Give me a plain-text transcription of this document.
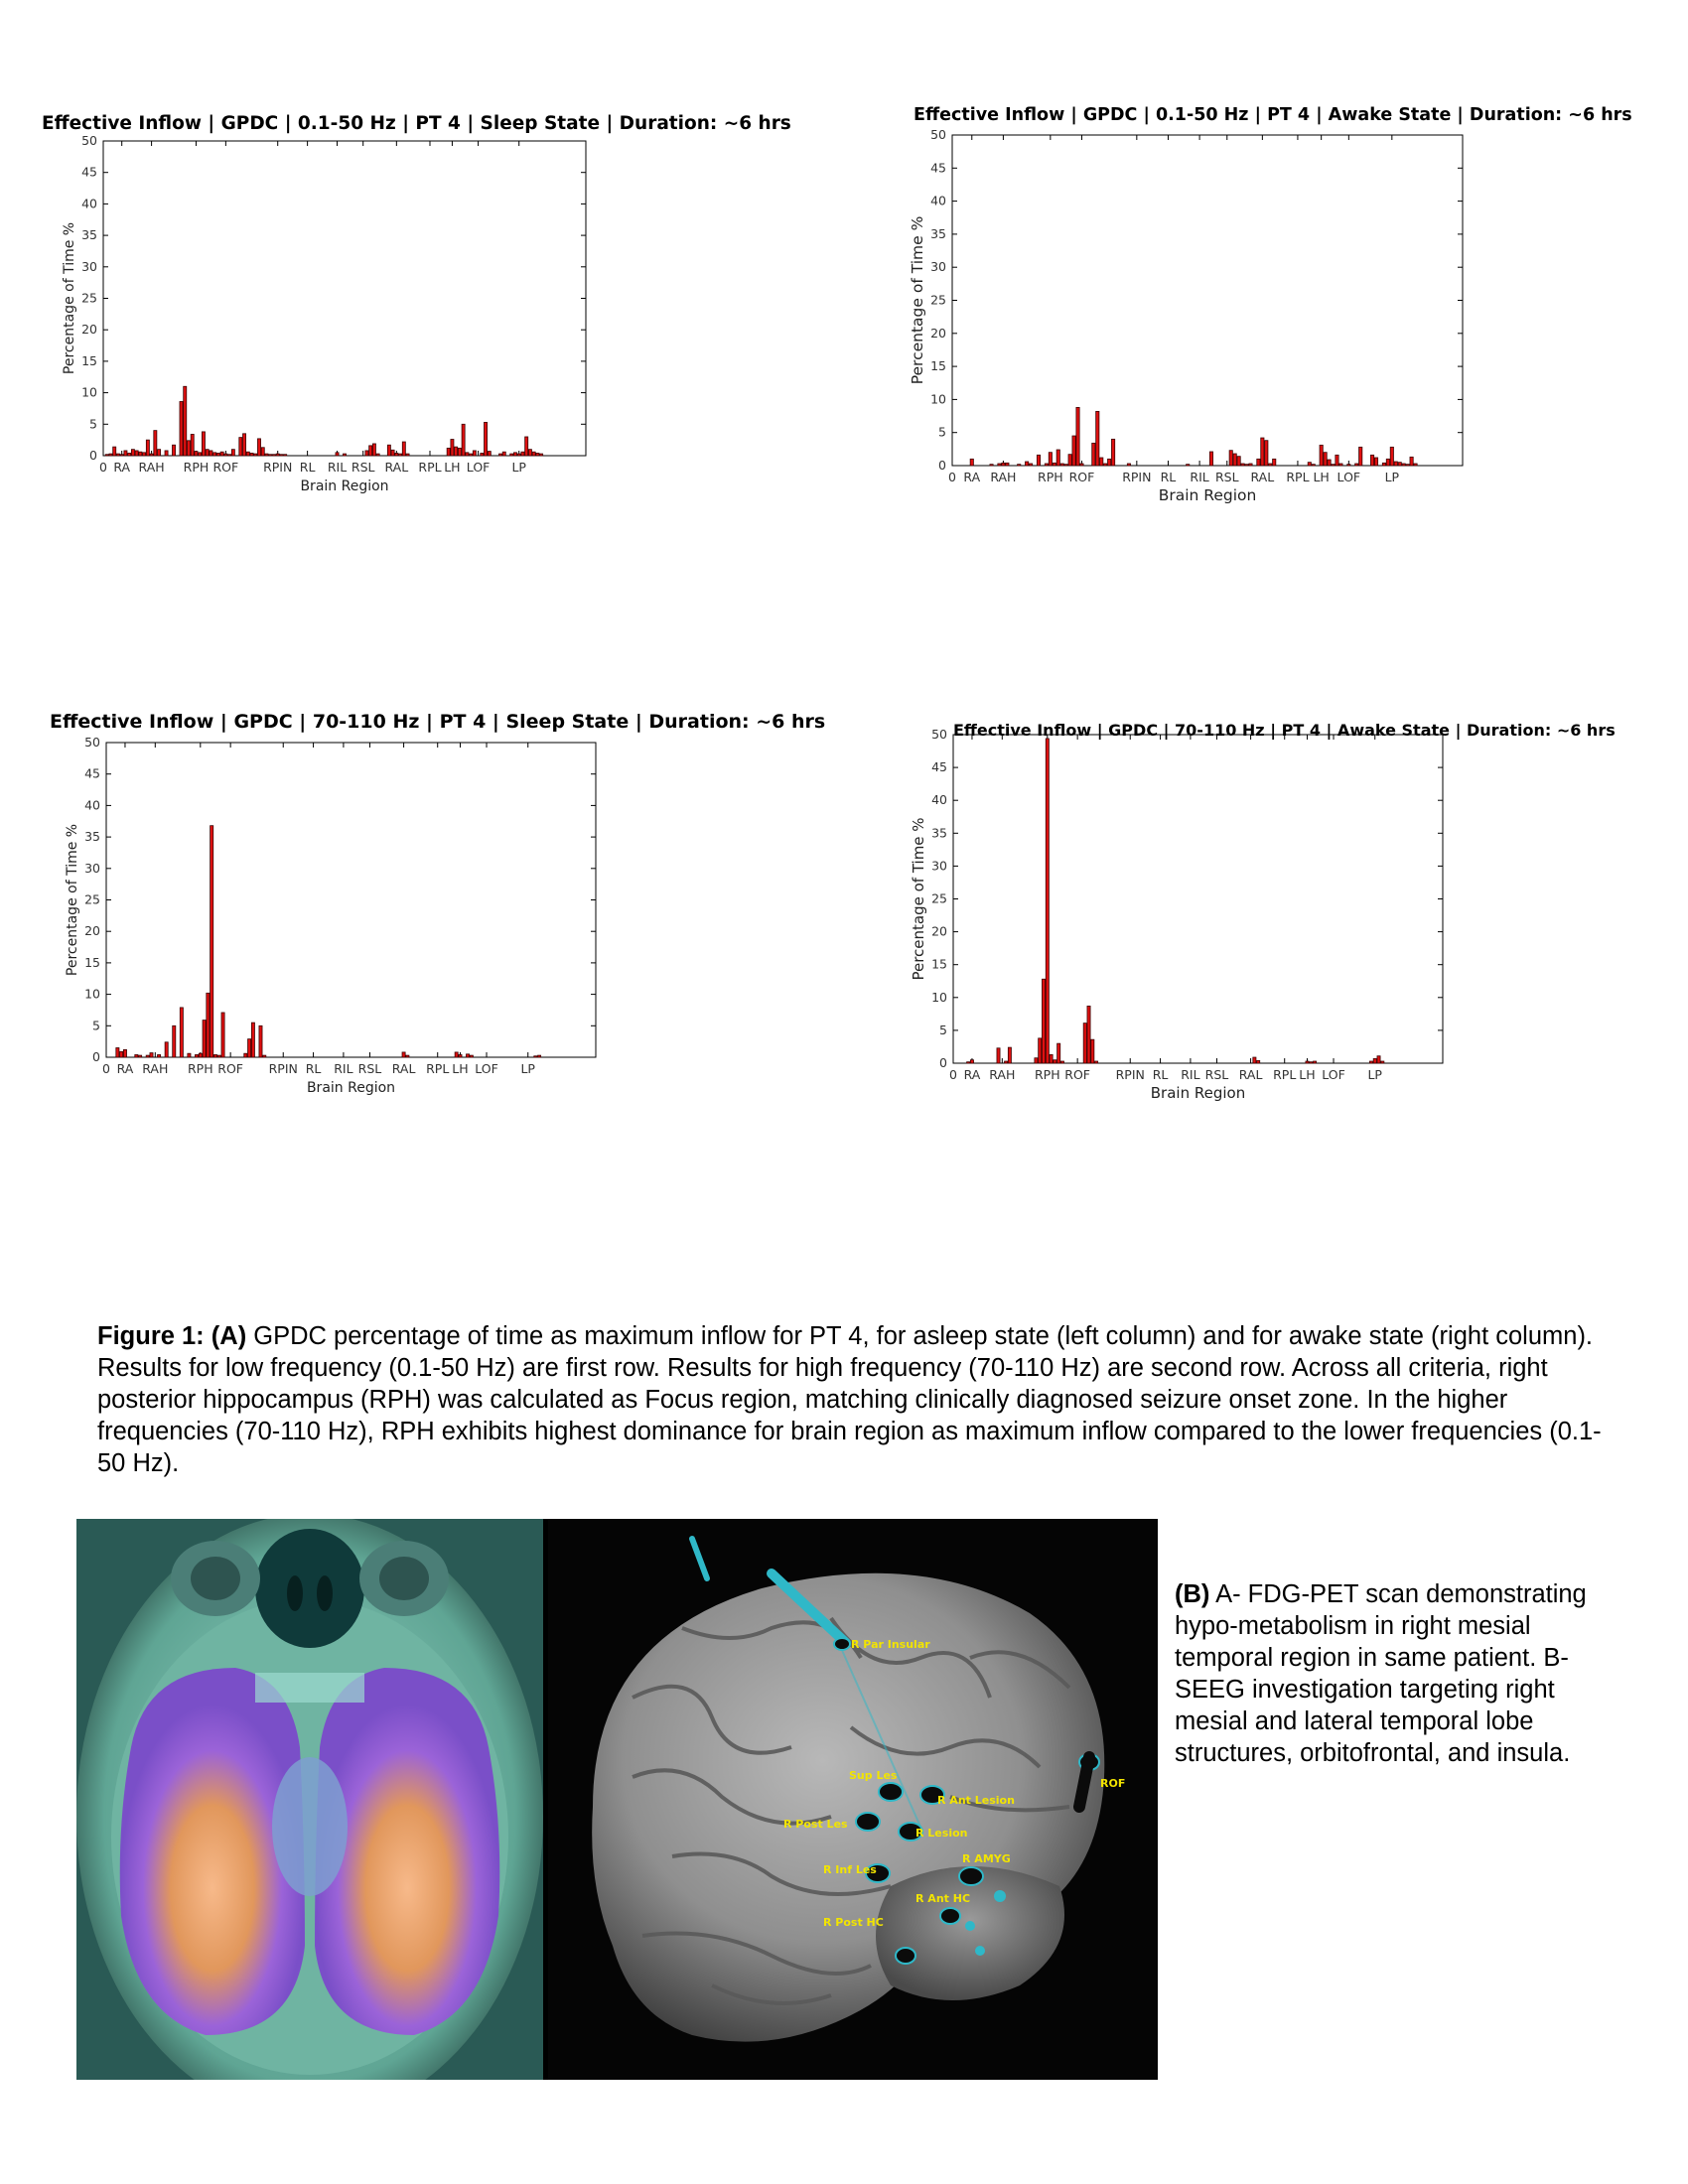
Effective Inflow | GPDC | 0.1-50 Hz | PT 4 | Sleep State | Duration: ~6 hrs
0
5
10
15
20
25
30
35
40
45
50
0 RA RAH RPH ROF RPIN RL RIL RSL RAL RPL LH LOF LP
Brain Region
Percentage of Time %
Effective Inflow | GPDC | 0.1-50 Hz | PT 4 | Awake State | Duration: ~6 hrs
0
5
10
15
20
25
30
35
40
45
50
0 RA RAH RPH ROF RPIN RL RIL RSL RAL RPL LH LOF LP
Brain Region
Percentage of Time %
Effective Inflow | GPDC | 70-110 Hz | PT 4 | Sleep State | Duration: ~6 hrs
0
5
10
15
20
25
30
35
40
45
50
0 RA RAH RPH ROF RPIN RL RIL RSL RAL RPL LH LOF LP
Brain Region
Percentage of Time %
Effective Inflow | GPDC | 70-110 Hz | PT 4 | Awake State | Duration: ~6 hrs
0
5
10
15
20
25
30
35
40
45
50
0 RA RAH RPH ROF RPIN RL RIL RSL RAL RPL LH LOF LP
Brain Region
Percentage of Time %
Figure 1: (A) GPDC percentage of time as maximum inflow for PT 4, for asleep state (left column) and for awake state (right column). Results for low frequency (0.1-50 Hz) are first row. Results for high frequency (70-110 Hz) are second row. Across all criteria, right posterior hippocampus (RPH) was calculated as Focus region, matching clinically diagnosed seizure onset zone. In the higher frequencies (70-110 Hz), RPH exhibits highest dominance for brain region as maximum inflow compared to the lower frequencies (0.1-50 Hz).
R Par Insular
Sup Les
R Ant Lesion
ROF
R Post Les
R Lesion
R AMYG
R Inf Les
R Ant HC
R Post HC
(B) A- FDG-PET scan demonstrating hypo-metabolism in right mesial temporal region in same patient. B- SEEG investigation targeting right mesial and lateral temporal lobe structures, orbitofrontal, and insula.
